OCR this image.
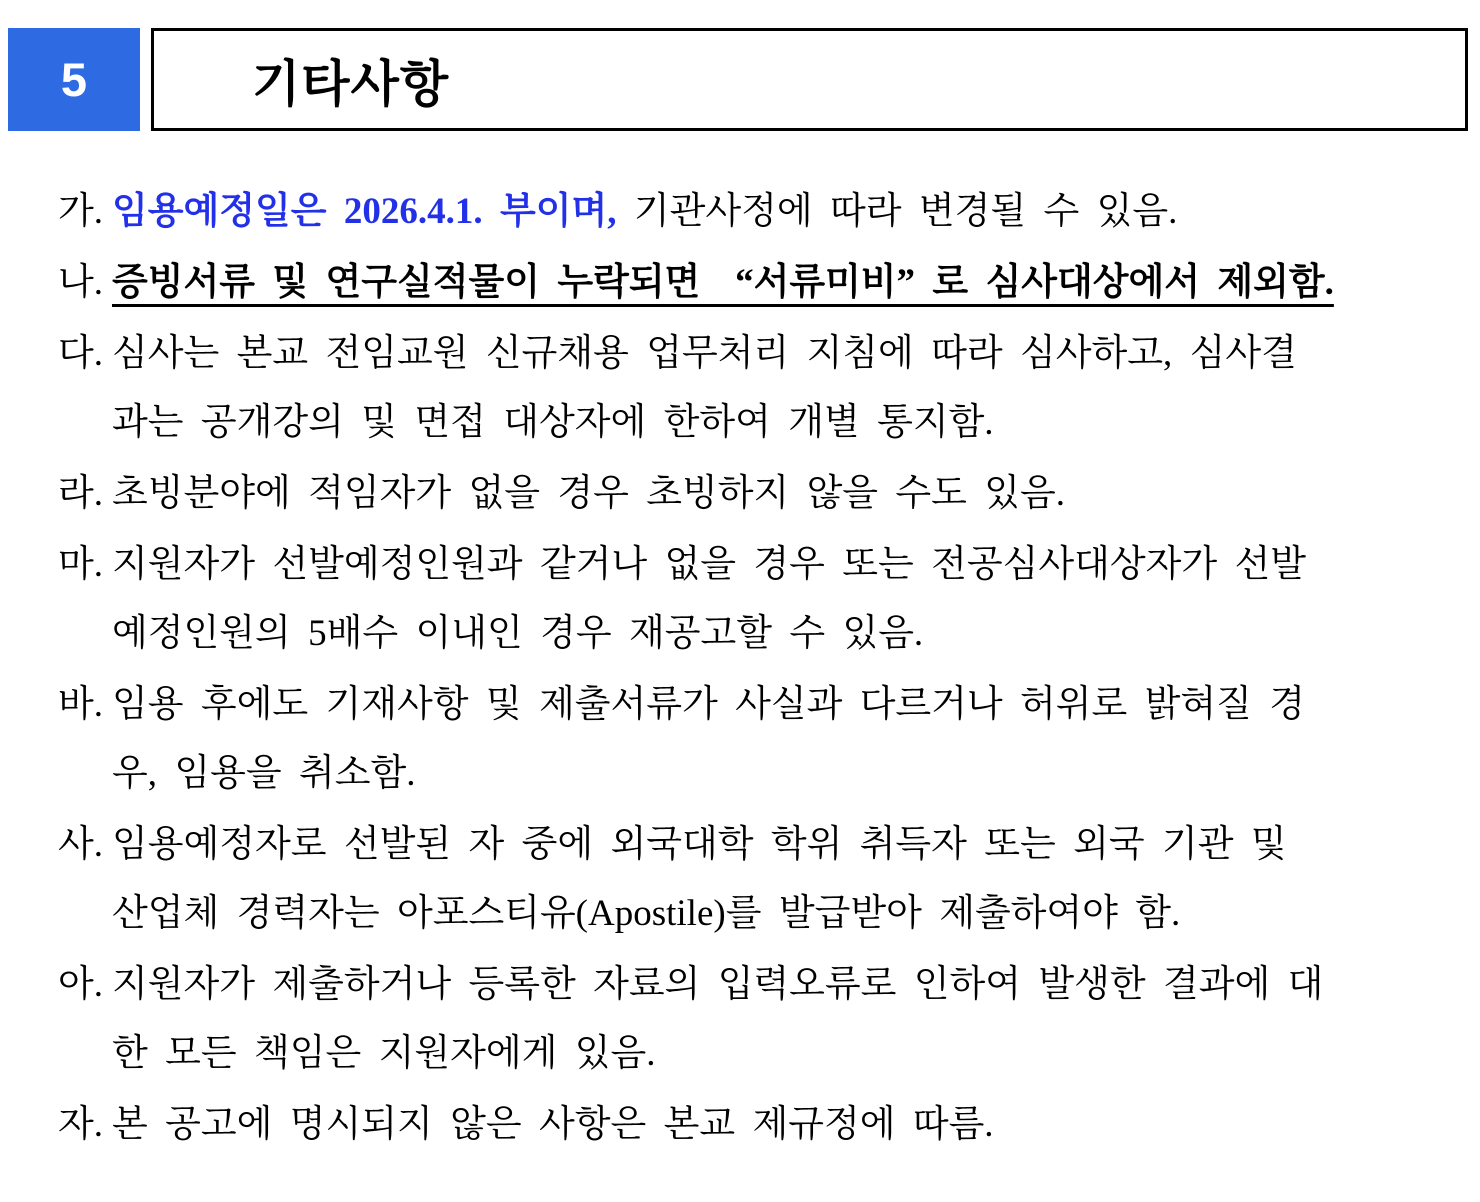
5	기타사항
가. 임용예정일은 2026.4.1. 부이며, 기관사정에 따라 변경될 수 있음.
나. 증빙서류 및 연구실적물이 누락되면  “서류미비” 로 심사대상에서 제외함.
다. 심사는 본교 전임교원 신규채용 업무처리 지침에 따라 심사하고, 심사결
과는 공개강의 및 면접 대상자에 한하여 개별 통지함.
라. 초빙분야에 적임자가 없을 경우 초빙하지 않을 수도 있음.
마. 지원자가 선발예정인원과 같거나 없을 경우 또는 전공심사대상자가 선발
예정인원의 5배수 이내인 경우 재공고할 수 있음.
바. 임용 후에도 기재사항 및 제출서류가 사실과 다르거나 허위로 밝혀질 경
우, 임용을 취소함.
사. 임용예정자로 선발된 자 중에 외국대학 학위 취득자 또는 외국 기관 및
산업체 경력자는 아포스티유(Apostile)를 발급받아 제출하여야 함.
아. 지원자가 제출하거나 등록한 자료의 입력오류로 인하여 발생한 결과에 대
한 모든 책임은 지원자에게 있음.
자. 본 공고에 명시되지 않은 사항은 본교 제규정에 따름.
